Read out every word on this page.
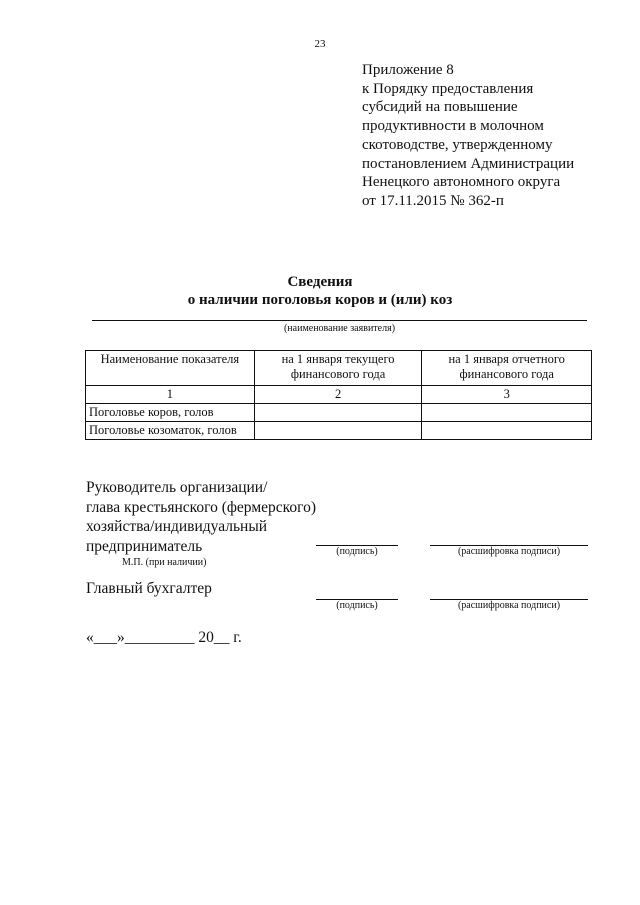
23
Приложение 8
к Порядку предоставления
субсидий на повышение
продуктивности в молочном
скотоводстве, утвержденному
постановлением Администрации
Ненецкого автономного округа
от 17.11.2015 № 362-п
Сведения
о наличии поголовья коров и (или) коз
(наименование заявителя)
Наименование показателя	на 1 января текущего финансового года	на 1 января отчетного финансового года
1	2	3
Поголовье коров, голов		
Поголовье козоматок, голов		
Руководитель организации/
глава крестьянского (фермерского)
хозяйства/индивидуальный
предприниматель	(подпись)	(расшифровка подписи)
М.П. (при наличии)
Главный бухгалтер
(подпись)	(расшифровка подписи)
«___»_________ 20__ г.
